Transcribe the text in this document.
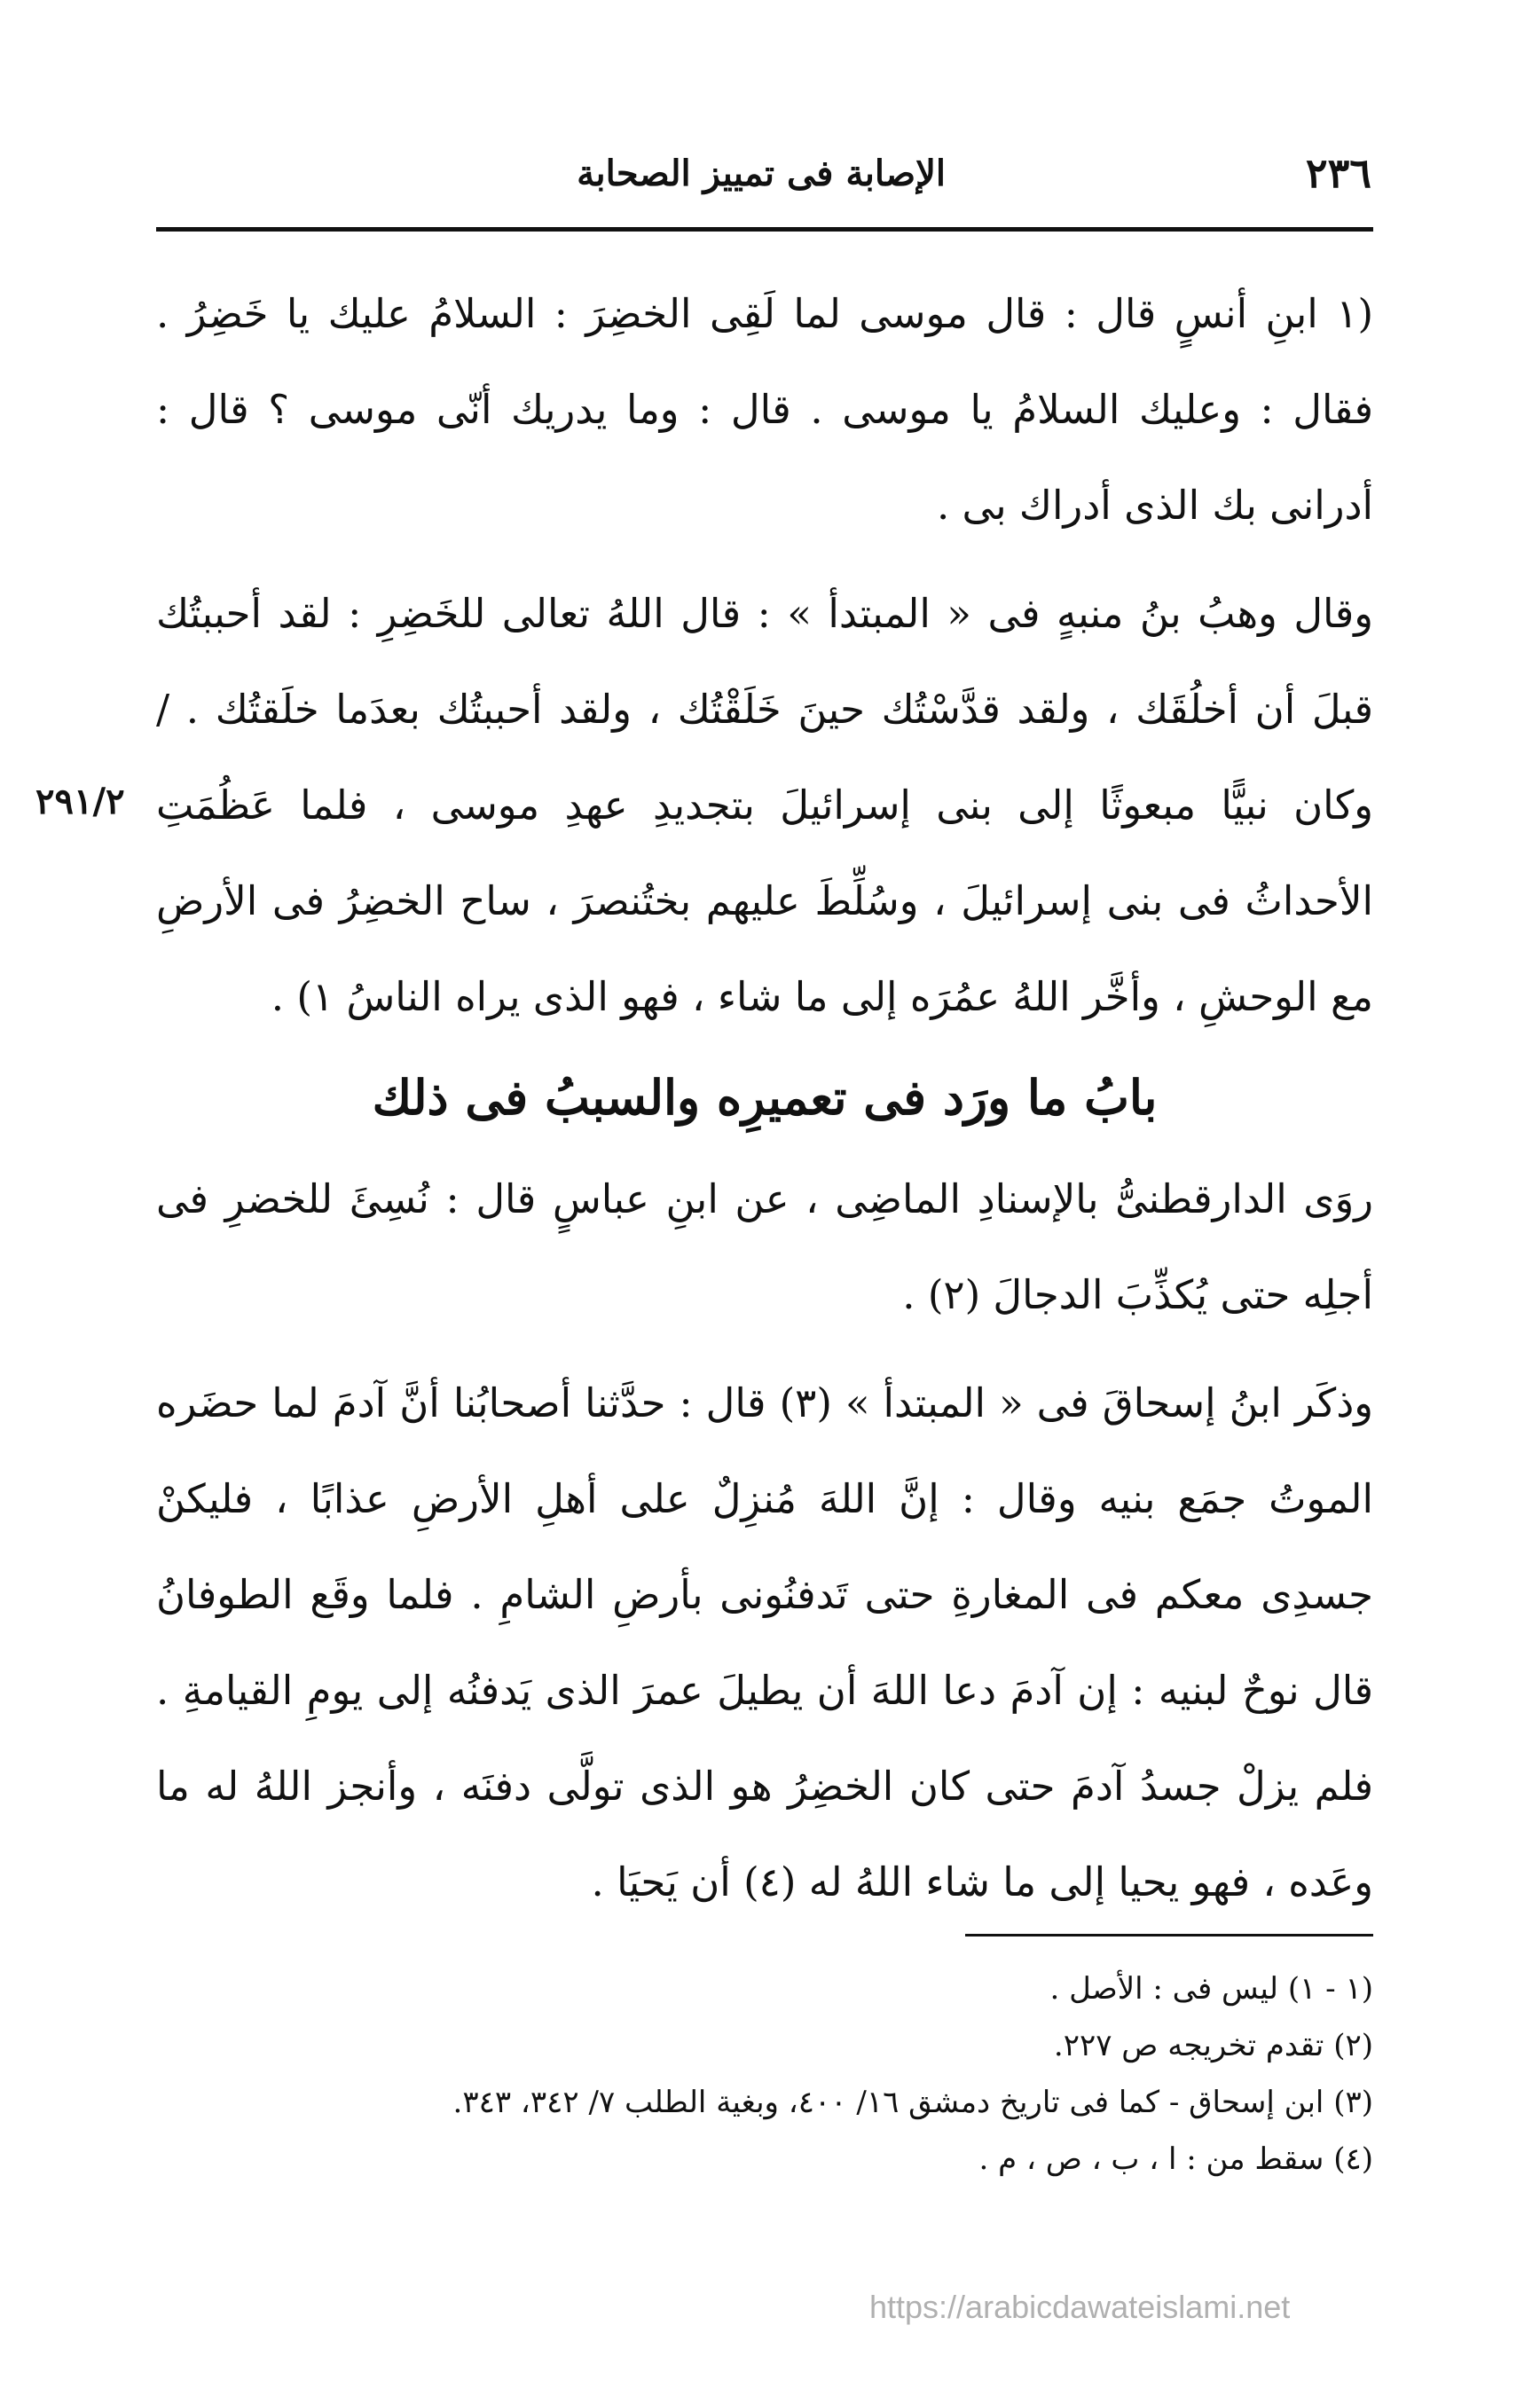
٢٣٦
الإصابة فى تمييز الصحابة
٢٩١/٢

(١ ابنِ أنسٍ قال : قال موسى لما لَقِى الخضِرَ : السلامُ عليك يا خَضِرُ . فقال : وعليك السلامُ يا موسى . قال : وما يدريك أنّى موسى ؟ قال : أدرانى بك الذى أدراك بى .

وقال وهبُ بنُ منبهٍ فى « المبتدأ » : قال اللهُ تعالى للخَضِرِ : لقد أحببتُك قبلَ أن أخلُقَك ، ولقد قدَّسْتُك حينَ خَلَقْتُك ، ولقد أحببتُك بعدَما خلَقتُك . /وكان نبيًّا مبعوثًا إلى بنى إسرائيلَ بتجديدِ عهدِ موسى ، فلما عَظُمَتِ الأحداثُ فى بنى إسرائيلَ ، وسُلِّطَ عليهم بختُنصرَ ، ساح الخضِرُ فى الأرضِ مع الوحشِ ، وأخَّر اللهُ عمُرَه إلى ما شاء ، فهو الذى يراه الناسُ ١) .

بابُ ما ورَد فى تعميرِه والسببُ فى ذلك

روَى الدارقطنىُّ بالإسنادِ الماضِى ، عن ابنِ عباسٍ قال : نُسِئَ للخضرِ فى أجلِه حتى يُكذِّبَ الدجالَ (٢) .

وذكَر ابنُ إسحاقَ فى « المبتدأ » (٣) قال : حدَّثنا أصحابُنا أنَّ آدمَ لما حضَره الموتُ جمَع بنيه وقال : إنَّ اللهَ مُنزِلٌ على أهلِ الأرضِ عذابًا ، فليكنْ جسدِى معكم فى المغارةِ حتى تَدفنُونى بأرضِ الشامِ . فلما وقَع الطوفانُ قال نوحٌ لبنيه : إن آدمَ دعا اللهَ أن يطيلَ عمرَ الذى يَدفنُه إلى يومِ القيامةِ . فلم يزلْ جسدُ آدمَ حتى كان الخضِرُ هو الذى تولَّى دفنَه ، وأنجز اللهُ له ما وعَده ، فهو يحيا إلى ما شاء اللهُ له (٤) أن يَحيَا .

(١ - ١) ليس فى : الأصل .

(٢) تقدم تخريجه ص ٢٢٧.

(٣) ابن إسحاق - كما فى تاريخ دمشق ١٦/ ٤٠٠، وبغية الطلب ٧/ ٣٤٢، ٣٤٣.

(٤) سقط من : ا ، ب ، ص ، م .

https://arabicdawateislami.net
